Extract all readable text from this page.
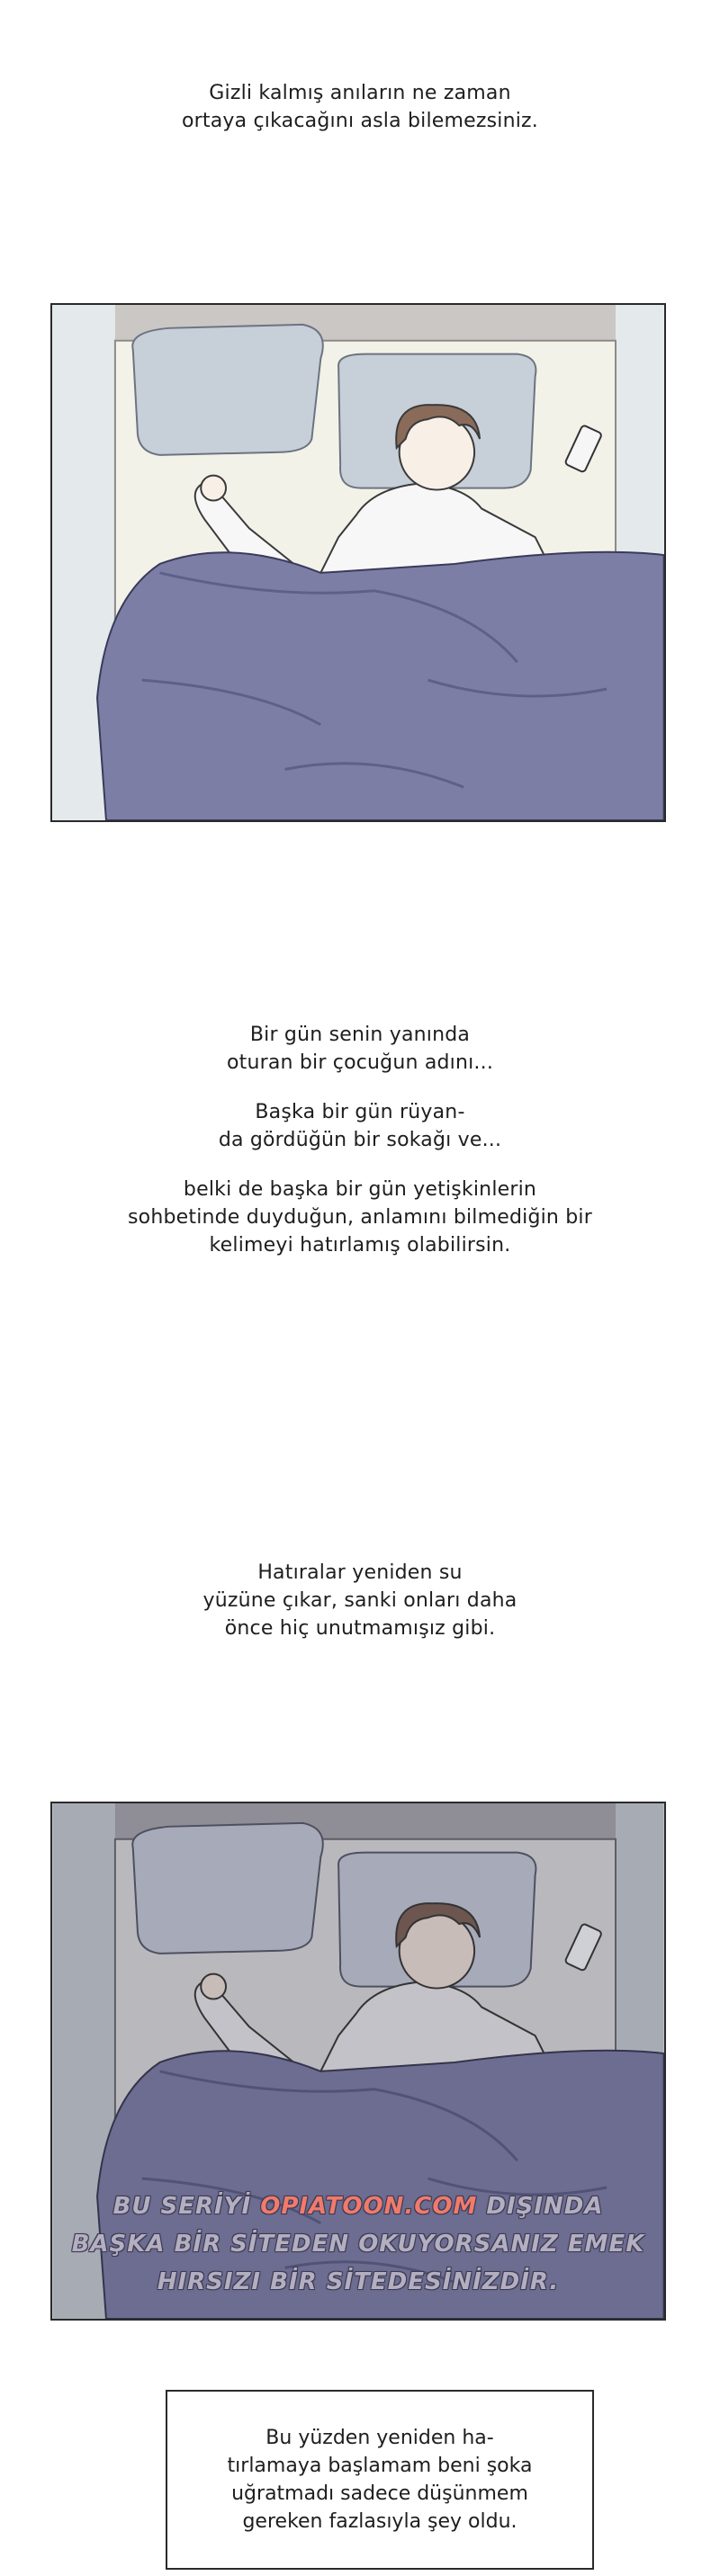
Gizli kalmış anıların ne zaman
ortaya çıkacağını asla bilemezsiniz.

Bir gün senin yanında
oturan bir çocuğun adını...

Başka bir gün rüyan-
da gördüğün bir sokağı ve...

belki de başka bir gün yetişkinlerin
sohbetinde duyduğun, anlamını bilmediğin bir
kelimeyi hatırlamış olabilirsin.

Hatıralar yeniden su
yüzüne çıkar, sanki onları daha
önce hiç unutmamışız gibi.
BU SERİYİ OPIATOON.COM DIŞINDA
BAŞKA BİR SİTEDEN OKUYORSANIZ EMEK
HIRSIZI BİR SİTEDESİNİZDİR.
Bu yüzden yeniden ha-
tırlamaya başlamam beni şoka
uğratmadı sadece düşünmem
gereken fazlasıyla şey oldu.
